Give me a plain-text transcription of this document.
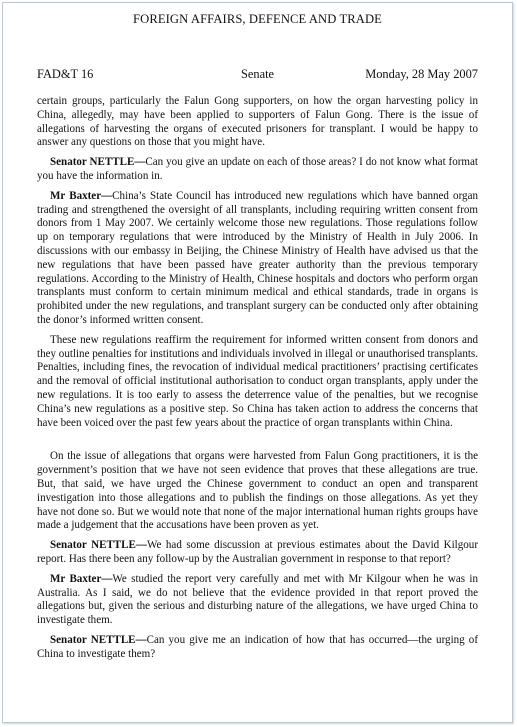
FOREIGN AFFAIRS, DEFENCE AND TRADE
FAD&T 16	Senate	Monday, 28 May 2007

certain groups, particularly the Falun Gong supporters, on how the organ harvesting policy in China, allegedly, may have been applied to supporters of Falun Gong. There is the issue of allegations of harvesting the organs of executed prisoners for transplant. I would be happy to answer any questions on those that you might have.

Senator NETTLE—Can you give an update on each of those areas? I do not know what format you have the information in.

Mr Baxter—China’s State Council has introduced new regulations which have banned organ trading and strengthened the oversight of all transplants, including requiring written consent from donors from 1 May 2007. We certainly welcome those new regulations. Those regulations follow up on temporary regulations that were introduced by the Ministry of Health in July 2006. In discussions with our embassy in Beijing, the Chinese Ministry of Health have advised us that the new regulations that have been passed have greater authority than the previous temporary regulations. According to the Ministry of Health, Chinese hospitals and doctors who perform organ transplants must conform to certain minimum medical and ethical standards, trade in organs is prohibited under the new regulations, and transplant surgery can be conducted only after obtaining the donor’s informed written consent.

These new regulations reaffirm the requirement for informed written consent from donors and they outline penalties for institutions and individuals involved in illegal or unauthorised transplants. Penalties, including fines, the revocation of individual medical practitioners’ practising certificates and the removal of official institutional authorisation to conduct organ transplants, apply under the new regulations. It is too early to assess the deterrence value of the penalties, but we recognise China’s new regulations as a positive step. So China has taken action to address the concerns that have been voiced over the past few years about the practice of organ transplants within China.

On the issue of allegations that organs were harvested from Falun Gong practitioners, it is the government’s position that we have not seen evidence that proves that these allegations are true. But, that said, we have urged the Chinese government to conduct an open and transparent investigation into those allegations and to publish the findings on those allegations. As yet they have not done so. But we would note that none of the major international human rights groups have made a judgement that the accusations have been proven as yet.

Senator NETTLE—We had some discussion at previous estimates about the David Kilgour report. Has there been any follow-up by the Australian government in response to that report?

Mr Baxter—We studied the report very carefully and met with Mr Kilgour when he was in Australia. As I said, we do not believe that the evidence provided in that report proved the allegations but, given the serious and disturbing nature of the allegations, we have urged China to investigate them.

Senator NETTLE—Can you give me an indication of how that has occurred—the urging of China to investigate them?
